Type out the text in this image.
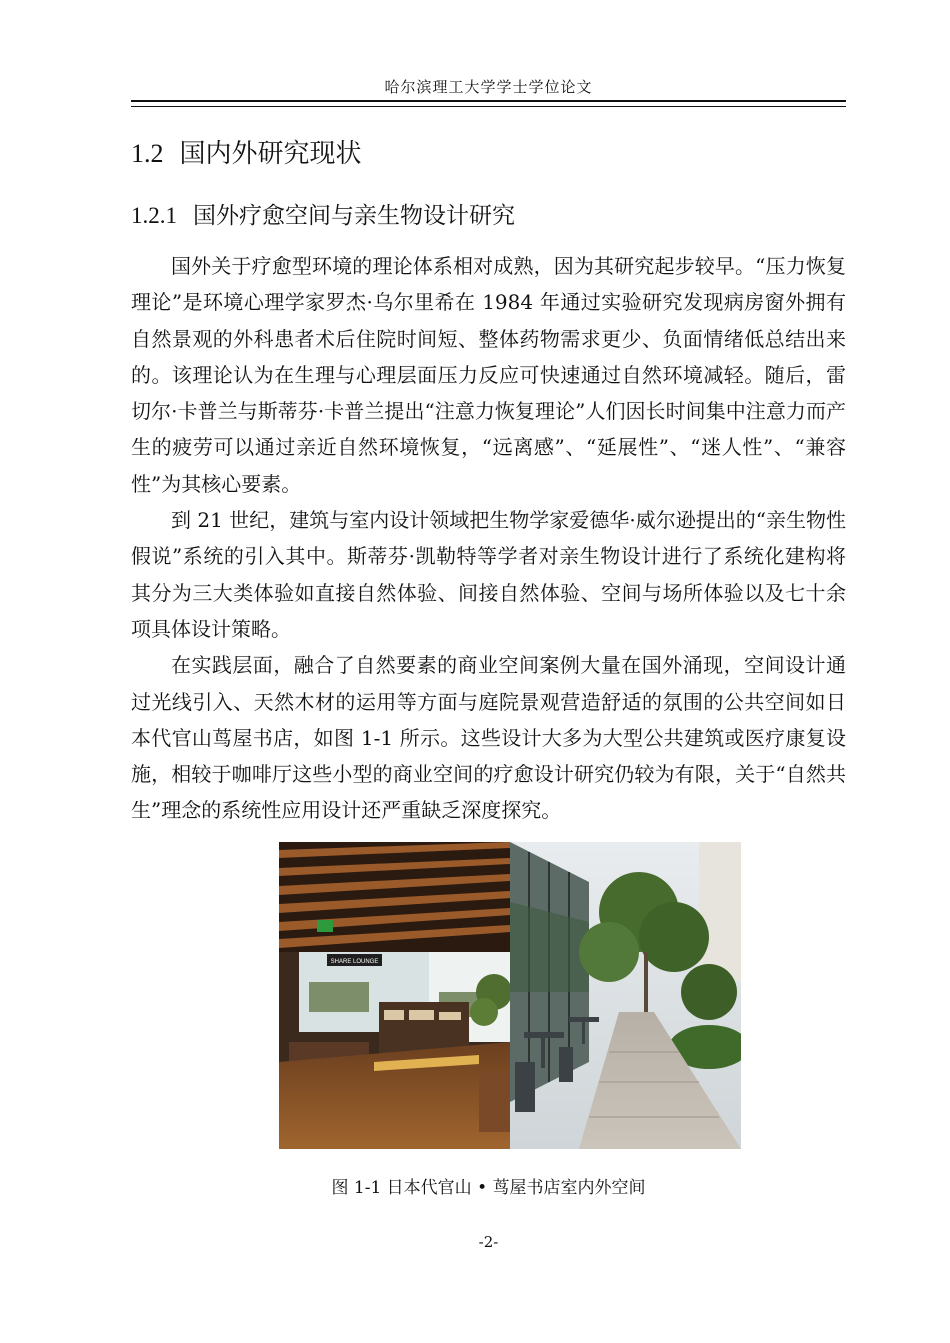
哈尔滨理工大学学士学位论文
1.2 国内外研究现状
1.2.1 国外疗愈空间与亲生物设计研究

国外关于疗愈型环境的理论体系相对成熟，因为其研究起步较早。“压力恢复理论”是环境心理学家罗杰·乌尔里希在 1984 年通过实验研究发现病房窗外拥有自然景观的外科患者术后住院时间短、整体药物需求更少、负面情绪低总结出来的。该理论认为在生理与心理层面压力反应可快速通过自然环境减轻。随后，雷切尔·卡普兰与斯蒂芬·卡普兰提出“注意力恢复理论”人们因长时间集中注意力而产生的疲劳可以通过亲近自然环境恢复，“远离感”、“延展性”、“迷人性”、“兼容性”为其核心要素。

到 21 世纪，建筑与室内设计领域把生物学家爱德华·威尔逊提出的“亲生物性假说”系统的引入其中。斯蒂芬·凯勒特等学者对亲生物设计进行了系统化建构将其分为三大类体验如直接自然体验、间接自然体验、空间与场所体验以及七十余项具体设计策略。

在实践层面，融合了自然要素的商业空间案例大量在国外涌现，空间设计通过光线引入、天然木材的运用等方面与庭院景观营造舒适的氛围的公共空间如日本代官山茑屋书店，如图 1-1 所示。这些设计大多为大型公共建筑或医疗康复设施，相较于咖啡厅这些小型的商业空间的疗愈设计研究仍较为有限，关于“自然共生”理念的系统性应用设计还严重缺乏深度探究。

SHARE LOUNGE
图 1-1 日本代官山 • 茑屋书店室内外空间
-2-
